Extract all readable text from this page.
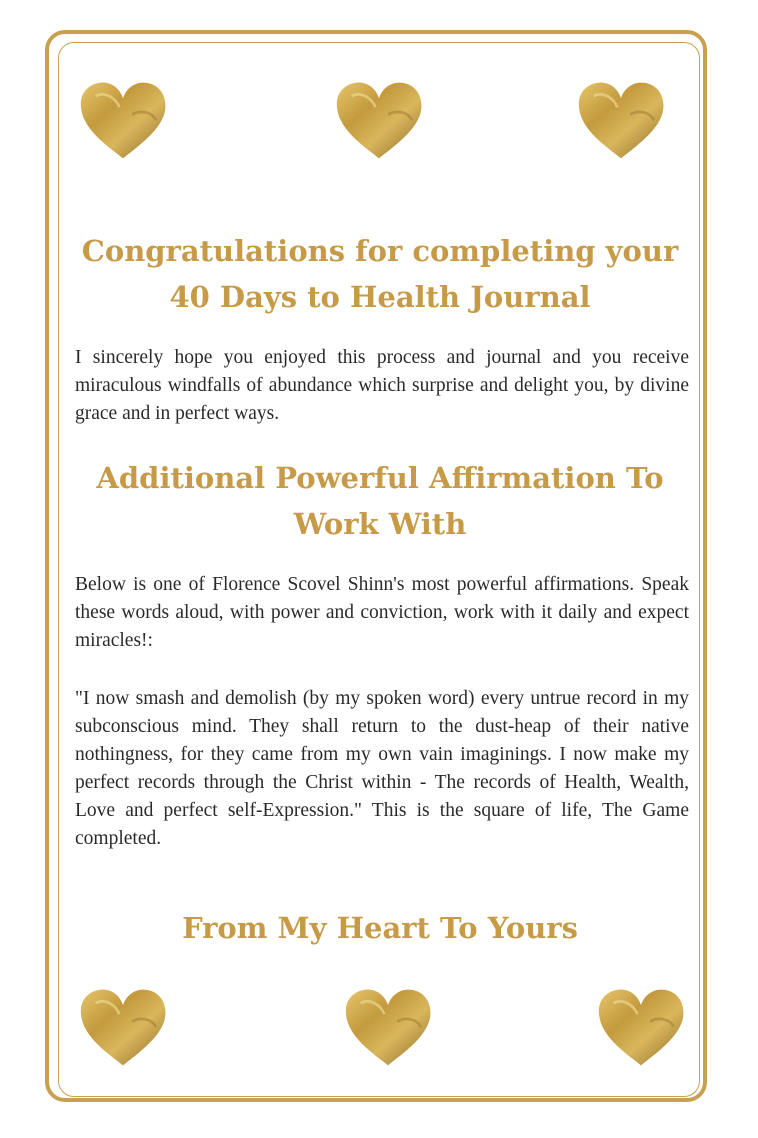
Congratulations for completing your
40 Days to Health Journal

I sincerely hope you enjoyed this process and journal and you receive miraculous windfalls of abundance which surprise and delight you, by divine grace and in perfect ways.

Additional Powerful Affirmation To
Work With

Below is one of Florence Scovel Shinn's most powerful affirmations. Speak these words aloud, with power and conviction, work with it daily and expect miracles!:

"I now smash and demolish (by my spoken word) every untrue record in my subconscious mind. They shall return to the dust-heap of their native nothingness, for they came from my own vain imaginings. I now make my perfect records through the Christ within - The records of Health, Wealth, Love and perfect self-Expression." This is the square of life, The Game completed.

From My Heart To Yours
